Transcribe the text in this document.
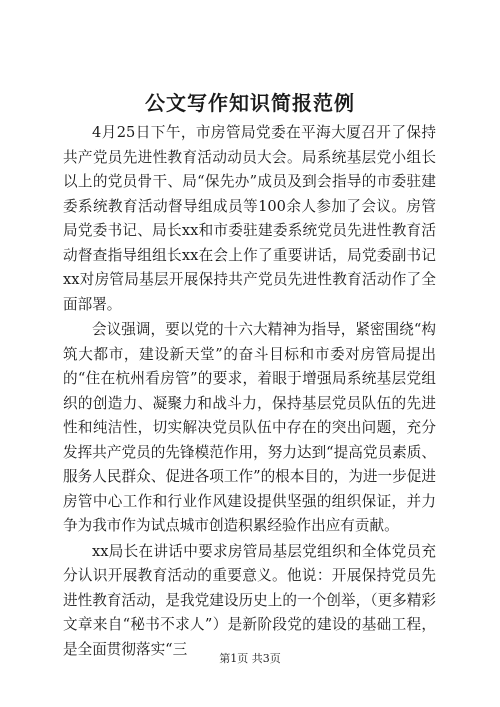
公文写作知识简报范例

4月25日下午，市房管局党委在平海大厦召开了保持共产党员先进性教育活动动员大会。局系统基层党小组长以上的党员骨干、局“保先办”成员及到会指导的市委驻建委系统教育活动督导组成员等100余人参加了会议。房管局党委书记、局长xx和市委驻建委系统党员先进性教育活动督查指导组组长xx在会上作了重要讲话，局党委副书记xx对房管局基层开展保持共产党员先进性教育活动作了全面部署。

会议强调，要以党的十六大精神为指导，紧密围绕“构筑大都市，建设新天堂”的奋斗目标和市委对房管局提出的“住在杭州看房管”的要求，着眼于增强局系统基层党组织的创造力、凝聚力和战斗力，保持基层党员队伍的先进性和纯洁性，切实解决党员队伍中存在的突出问题，充分发挥共产党员的先锋模范作用，努力达到“提高党员素质、服务人民群众、促进各项工作”的根本目的，为进一步促进房管中心工作和行业作风建设提供坚强的组织保证，并力争为我市作为试点城市创造积累经验作出应有贡献。

xx局长在讲话中要求房管局基层党组织和全体党员充分认识开展教育活动的重要意义。他说：开展保持党员先进性教育活动，是我党建设历史上的一个创举，（更多精彩文章来自“秘书不求人”）是新阶段党的建设的基础工程，是全面贯彻落实“三

第1页 共3页
